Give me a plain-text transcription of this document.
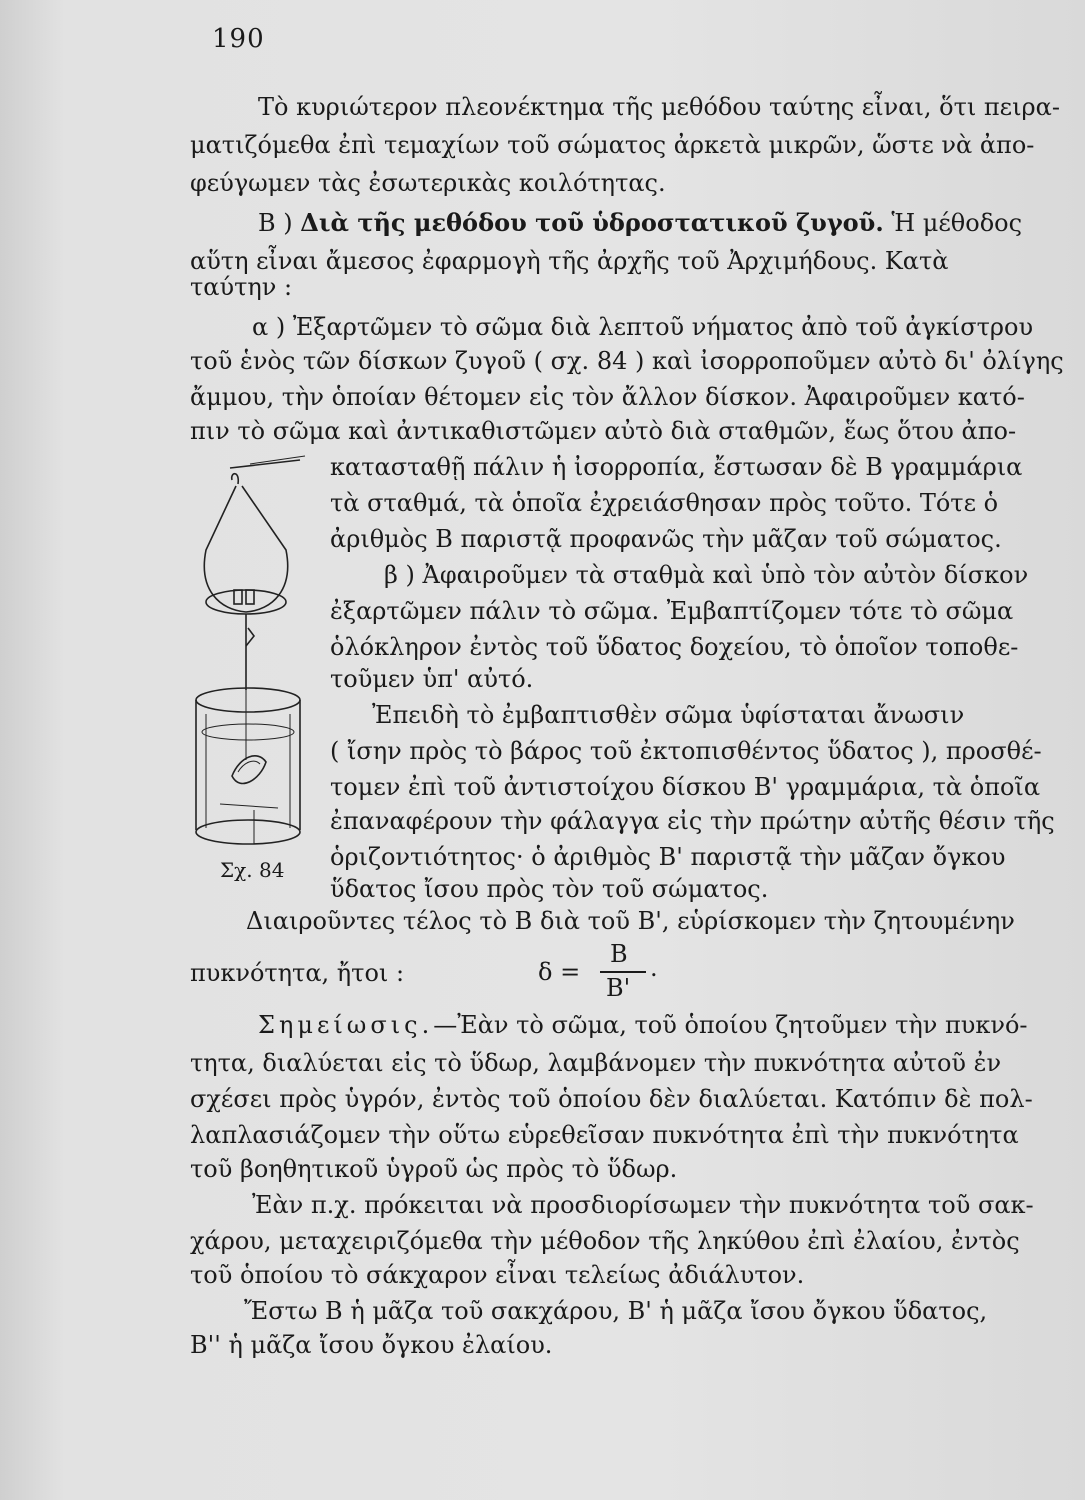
190
Τὸ κυριώτερον πλεονέκτημα τῆς μεθόδου ταύτης εἶναι, ὅτι πειρα-
ματιζόμεθα ἐπὶ τεμαχίων τοῦ σώματος ἀρκετὰ μικρῶν, ὥστε νὰ ἀπο-
φεύγωμεν τὰς ἐσωτερικὰς κοιλότητας.
Β ) Διὰ τῆς μεθόδου τοῦ ὑδροστατικοῦ ζυγοῦ. Ἡ μέθοδος
αὕτη εἶναι ἄμεσος ἐφαρμογὴ τῆς ἀρχῆς τοῦ Ἀρχιμήδους. Κατὰ
ταύτην :
α ) Ἐξαρτῶμεν τὸ σῶμα διὰ λεπτοῦ νήματος ἀπὸ τοῦ ἀγκίστρου
τοῦ ἑνὸς τῶν δίσκων ζυγοῦ ( σχ. 84 ) καὶ ἰσορροποῦμεν αὐτὸ δι' ὀλίγης
ἄμμου, τὴν ὁποίαν θέτομεν εἰς τὸν ἄλλον δίσκον. Ἀφαιροῦμεν κατό-
πιν τὸ σῶμα καὶ ἀντικαθιστῶμεν αὐτὸ διὰ σταθμῶν, ἕως ὅτου ἀπο-
κατασταθῇ πάλιν ἡ ἰσορροπία, ἔστωσαν δὲ Β γραμμάρια
τὰ σταθμά, τὰ ὁποῖα ἐχρειάσθησαν πρὸς τοῦτο. Τότε ὁ
ἀριθμὸς Β παριστᾷ προφανῶς τὴν μᾶζαν τοῦ σώματος.
β ) Ἀφαιροῦμεν τὰ σταθμὰ καὶ ὑπὸ τὸν αὐτὸν δίσκον
ἐξαρτῶμεν πάλιν τὸ σῶμα. Ἐμβαπτίζομεν τότε τὸ σῶμα
ὁλόκληρον ἐντὸς τοῦ ὕδατος δοχείου, τὸ ὁποῖον τοποθε-
τοῦμεν ὑπ' αὐτό.
Ἐπειδὴ τὸ ἐμβαπτισθὲν σῶμα ὑφίσταται ἄνωσιν
( ἴσην πρὸς τὸ βάρος τοῦ ἐκτοπισθέντος ὕδατος ), προσθέ-
τομεν ἐπὶ τοῦ ἀντιστοίχου δίσκου Β' γραμμάρια, τὰ ὁποῖα
ἐπαναφέρουν τὴν φάλαγγα εἰς τὴν πρώτην αὐτῆς θέσιν τῆς
ὁριζοντιότητος· ὁ ἀριθμὸς Β' παριστᾷ τὴν μᾶζαν ὄγκου
ὕδατος ἴσου πρὸς τὸν τοῦ σώματος.
Σχ. 84
Διαιροῦντες τέλος τὸ Β διὰ τοῦ Β', εὑρίσκομεν τὴν ζητουμένην
πυκνότητα, ἤτοι :	δ =
Β
Β'
.
Σημείωσις.—Ἐὰν τὸ σῶμα, τοῦ ὁποίου ζητοῦμεν τὴν πυκνό-
τητα, διαλύεται εἰς τὸ ὕδωρ, λαμβάνομεν τὴν πυκνότητα αὐτοῦ ἐν
σχέσει πρὸς ὑγρόν, ἐντὸς τοῦ ὁποίου δὲν διαλύεται. Κατόπιν δὲ πολ-
λαπλασιάζομεν τὴν οὕτω εὑρεθεῖσαν πυκνότητα ἐπὶ τὴν πυκνότητα
τοῦ βοηθητικοῦ ὑγροῦ ὡς πρὸς τὸ ὕδωρ.
Ἐὰν π.χ. πρόκειται νὰ προσδιορίσωμεν τὴν πυκνότητα τοῦ σακ-
χάρου, μεταχειριζόμεθα τὴν μέθοδον τῆς ληκύθου ἐπὶ ἐλαίου, ἐντὸς
τοῦ ὁποίου τὸ σάκχαρον εἶναι τελείως ἀδιάλυτον.
Ἔστω Β ἡ μᾶζα τοῦ σακχάρου, Β' ἡ μᾶζα ἴσου ὄγκου ὕδατος,
Β'' ἡ μᾶζα ἴσου ὄγκου ἐλαίου.
